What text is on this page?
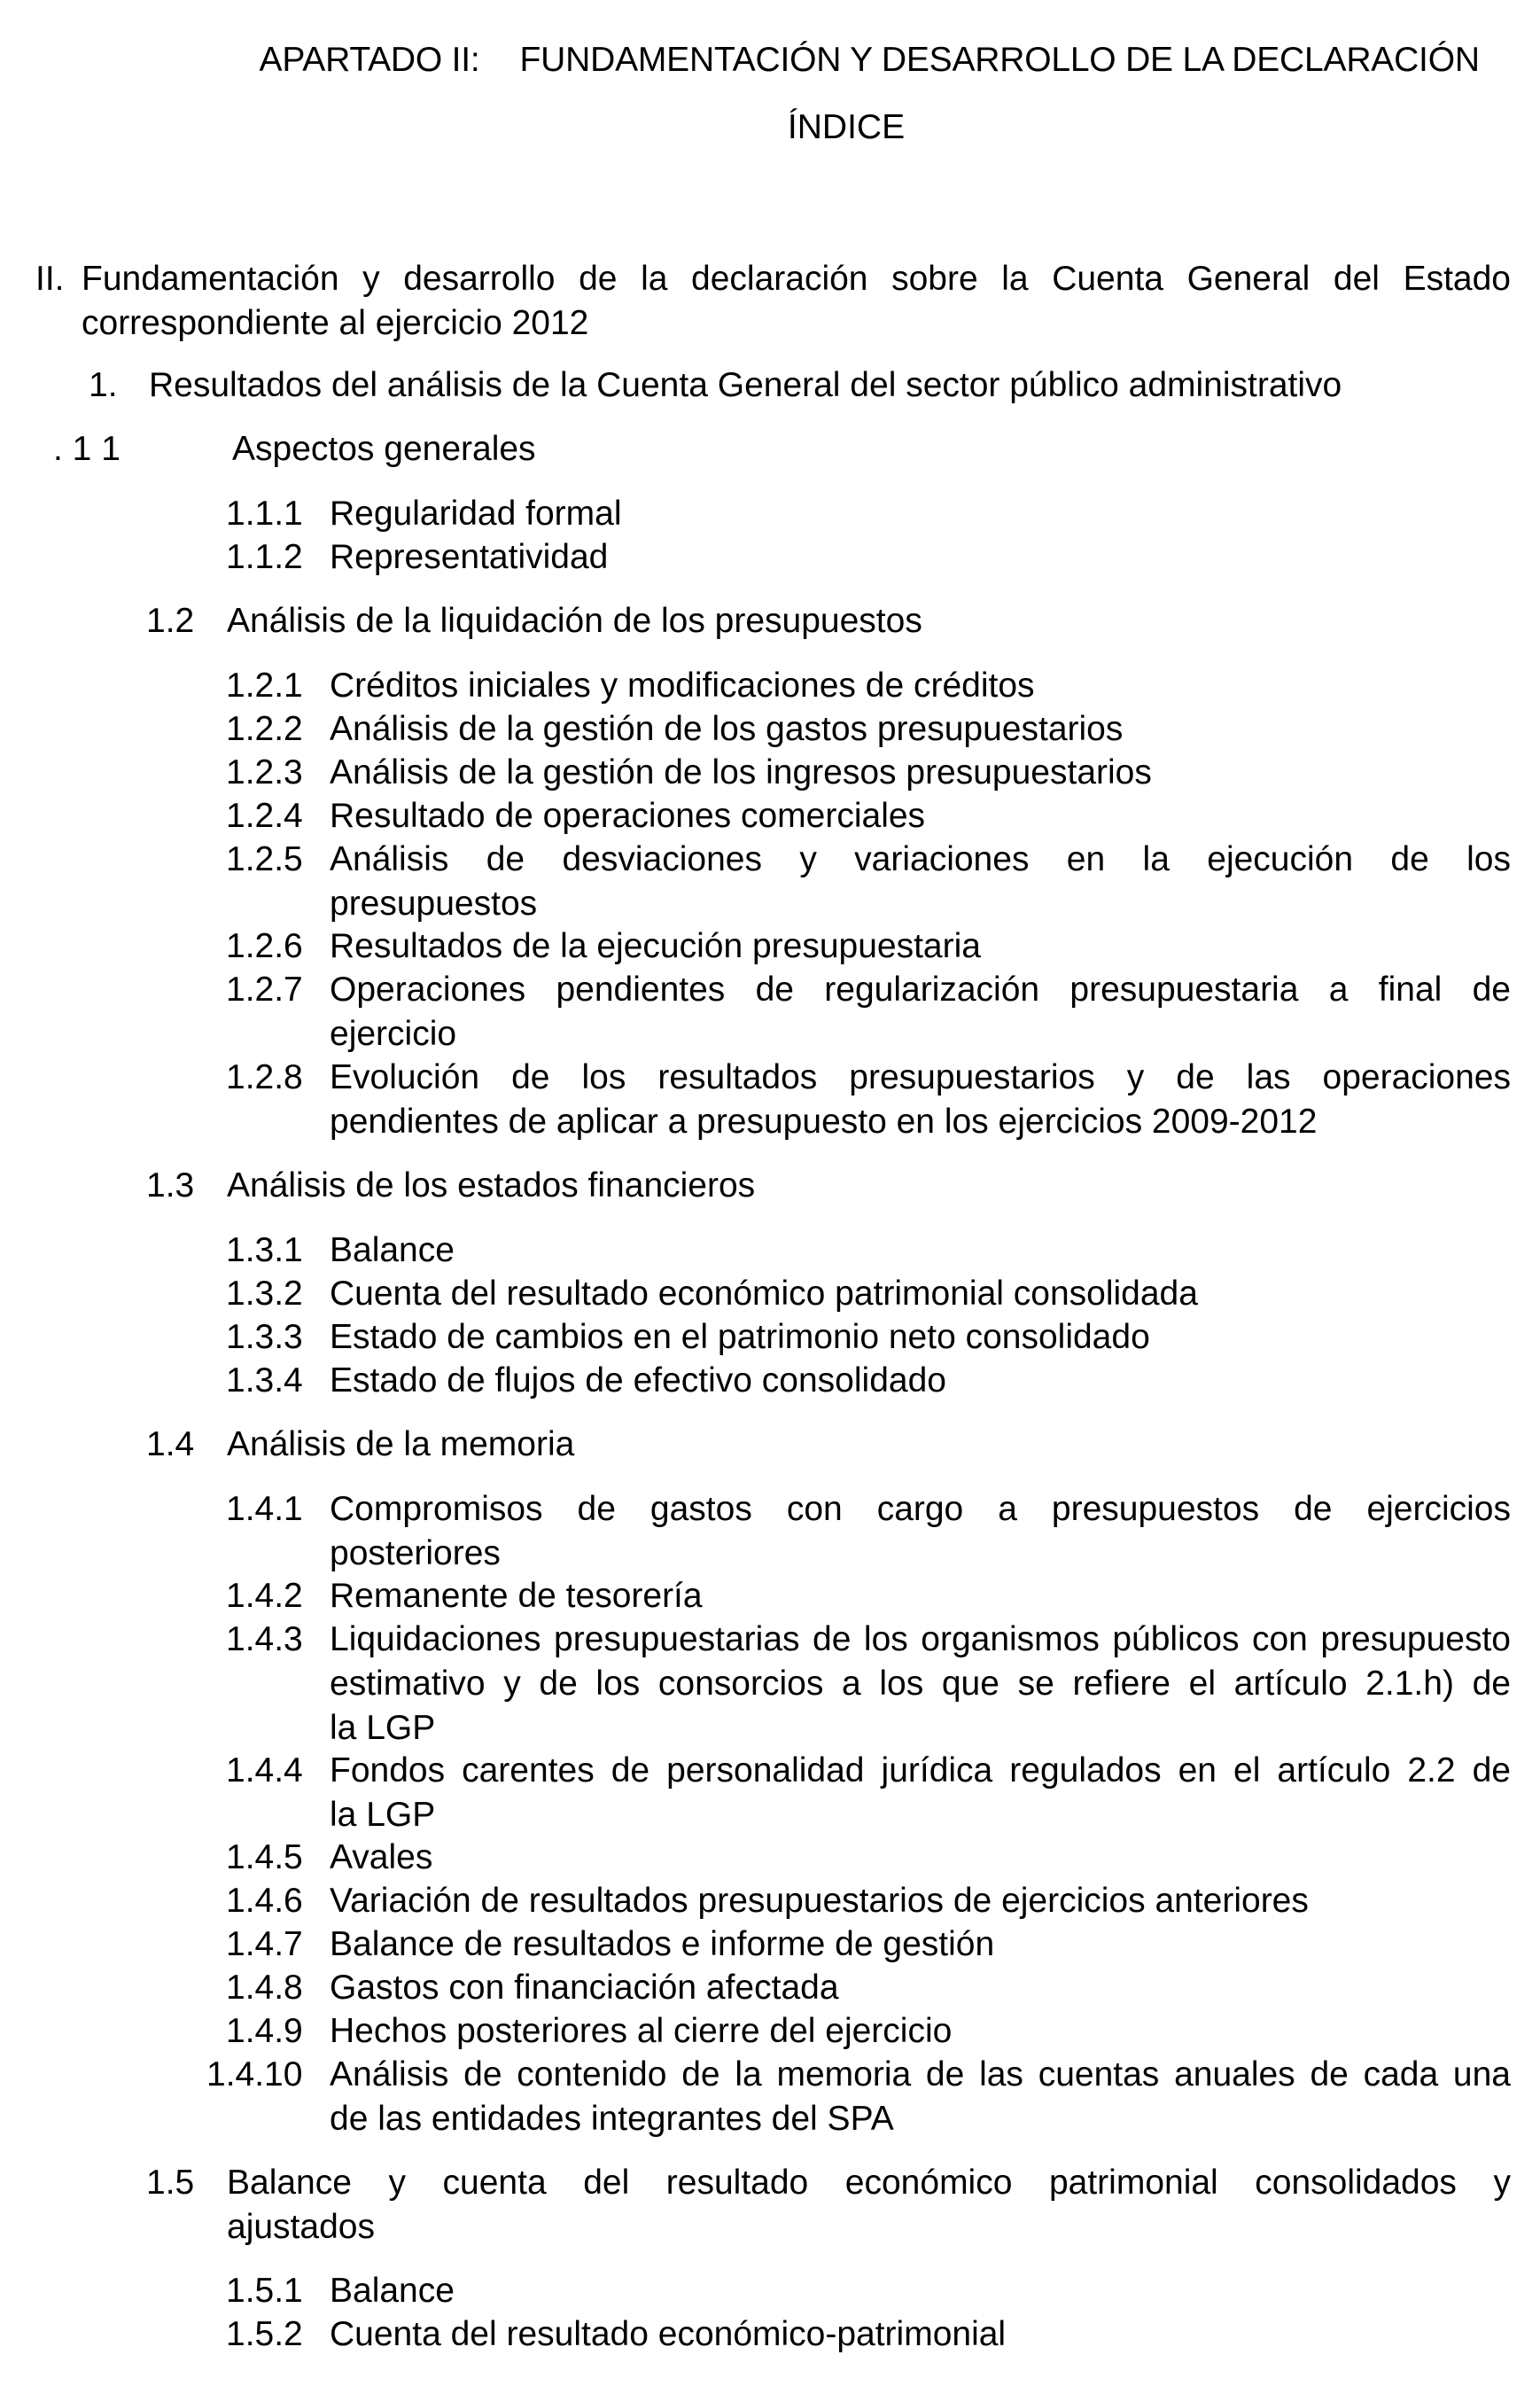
APARTADO II: FUNDAMENTACIÓN Y DESARROLLO DE LA DECLARACIÓN

ÍNDICE
II. Fundamentación y desarrollo de la declaración sobre la Cuenta General del Estado
correspondiente al ejercicio 2012
1. Resultados del análisis de la Cuenta General del sector público administrativo
. 1 1	Aspectos generales
1.1.1 Regularidad formal
1.1.2 Representatividad
1.2 Análisis de la liquidación de los presupuestos
1.2.1 Créditos iniciales y modificaciones de créditos
1.2.2 Análisis de la gestión de los gastos presupuestarios
1.2.3 Análisis de la gestión de los ingresos presupuestarios
1.2.4 Resultado de operaciones comerciales
1.2.5 Análisis de desviaciones y variaciones en la ejecución de los
presupuestos
1.2.6 Resultados de la ejecución presupuestaria
1.2.7 Operaciones pendientes de regularización presupuestaria a final de
ejercicio
1.2.8 Evolución de los resultados presupuestarios y de las operaciones
pendientes de aplicar a presupuesto en los ejercicios 2009-2012
1.3 Análisis de los estados financieros
1.3.1 Balance
1.3.2 Cuenta del resultado económico patrimonial consolidada
1.3.3 Estado de cambios en el patrimonio neto consolidado
1.3.4 Estado de flujos de efectivo consolidado
1.4 Análisis de la memoria
1.4.1 Compromisos de gastos con cargo a presupuestos de ejercicios
posteriores
1.4.2 Remanente de tesorería
1.4.3 Liquidaciones presupuestarias de los organismos públicos con presupuesto
estimativo y de los consorcios a los que se refiere el artículo 2.1.h) de
la LGP
1.4.4 Fondos carentes de personalidad jurídica regulados en el artículo 2.2 de
la LGP
1.4.5 Avales
1.4.6 Variación de resultados presupuestarios de ejercicios anteriores
1.4.7 Balance de resultados e informe de gestión
1.4.8 Gastos con financiación afectada
1.4.9 Hechos posteriores al cierre del ejercicio
1.4.10 Análisis de contenido de la memoria de las cuentas anuales de cada una
de las entidades integrantes del SPA
1.5 Balance y cuenta del resultado económico patrimonial consolidados y
ajustados
1.5.1 Balance
1.5.2 Cuenta del resultado económico-patrimonial
